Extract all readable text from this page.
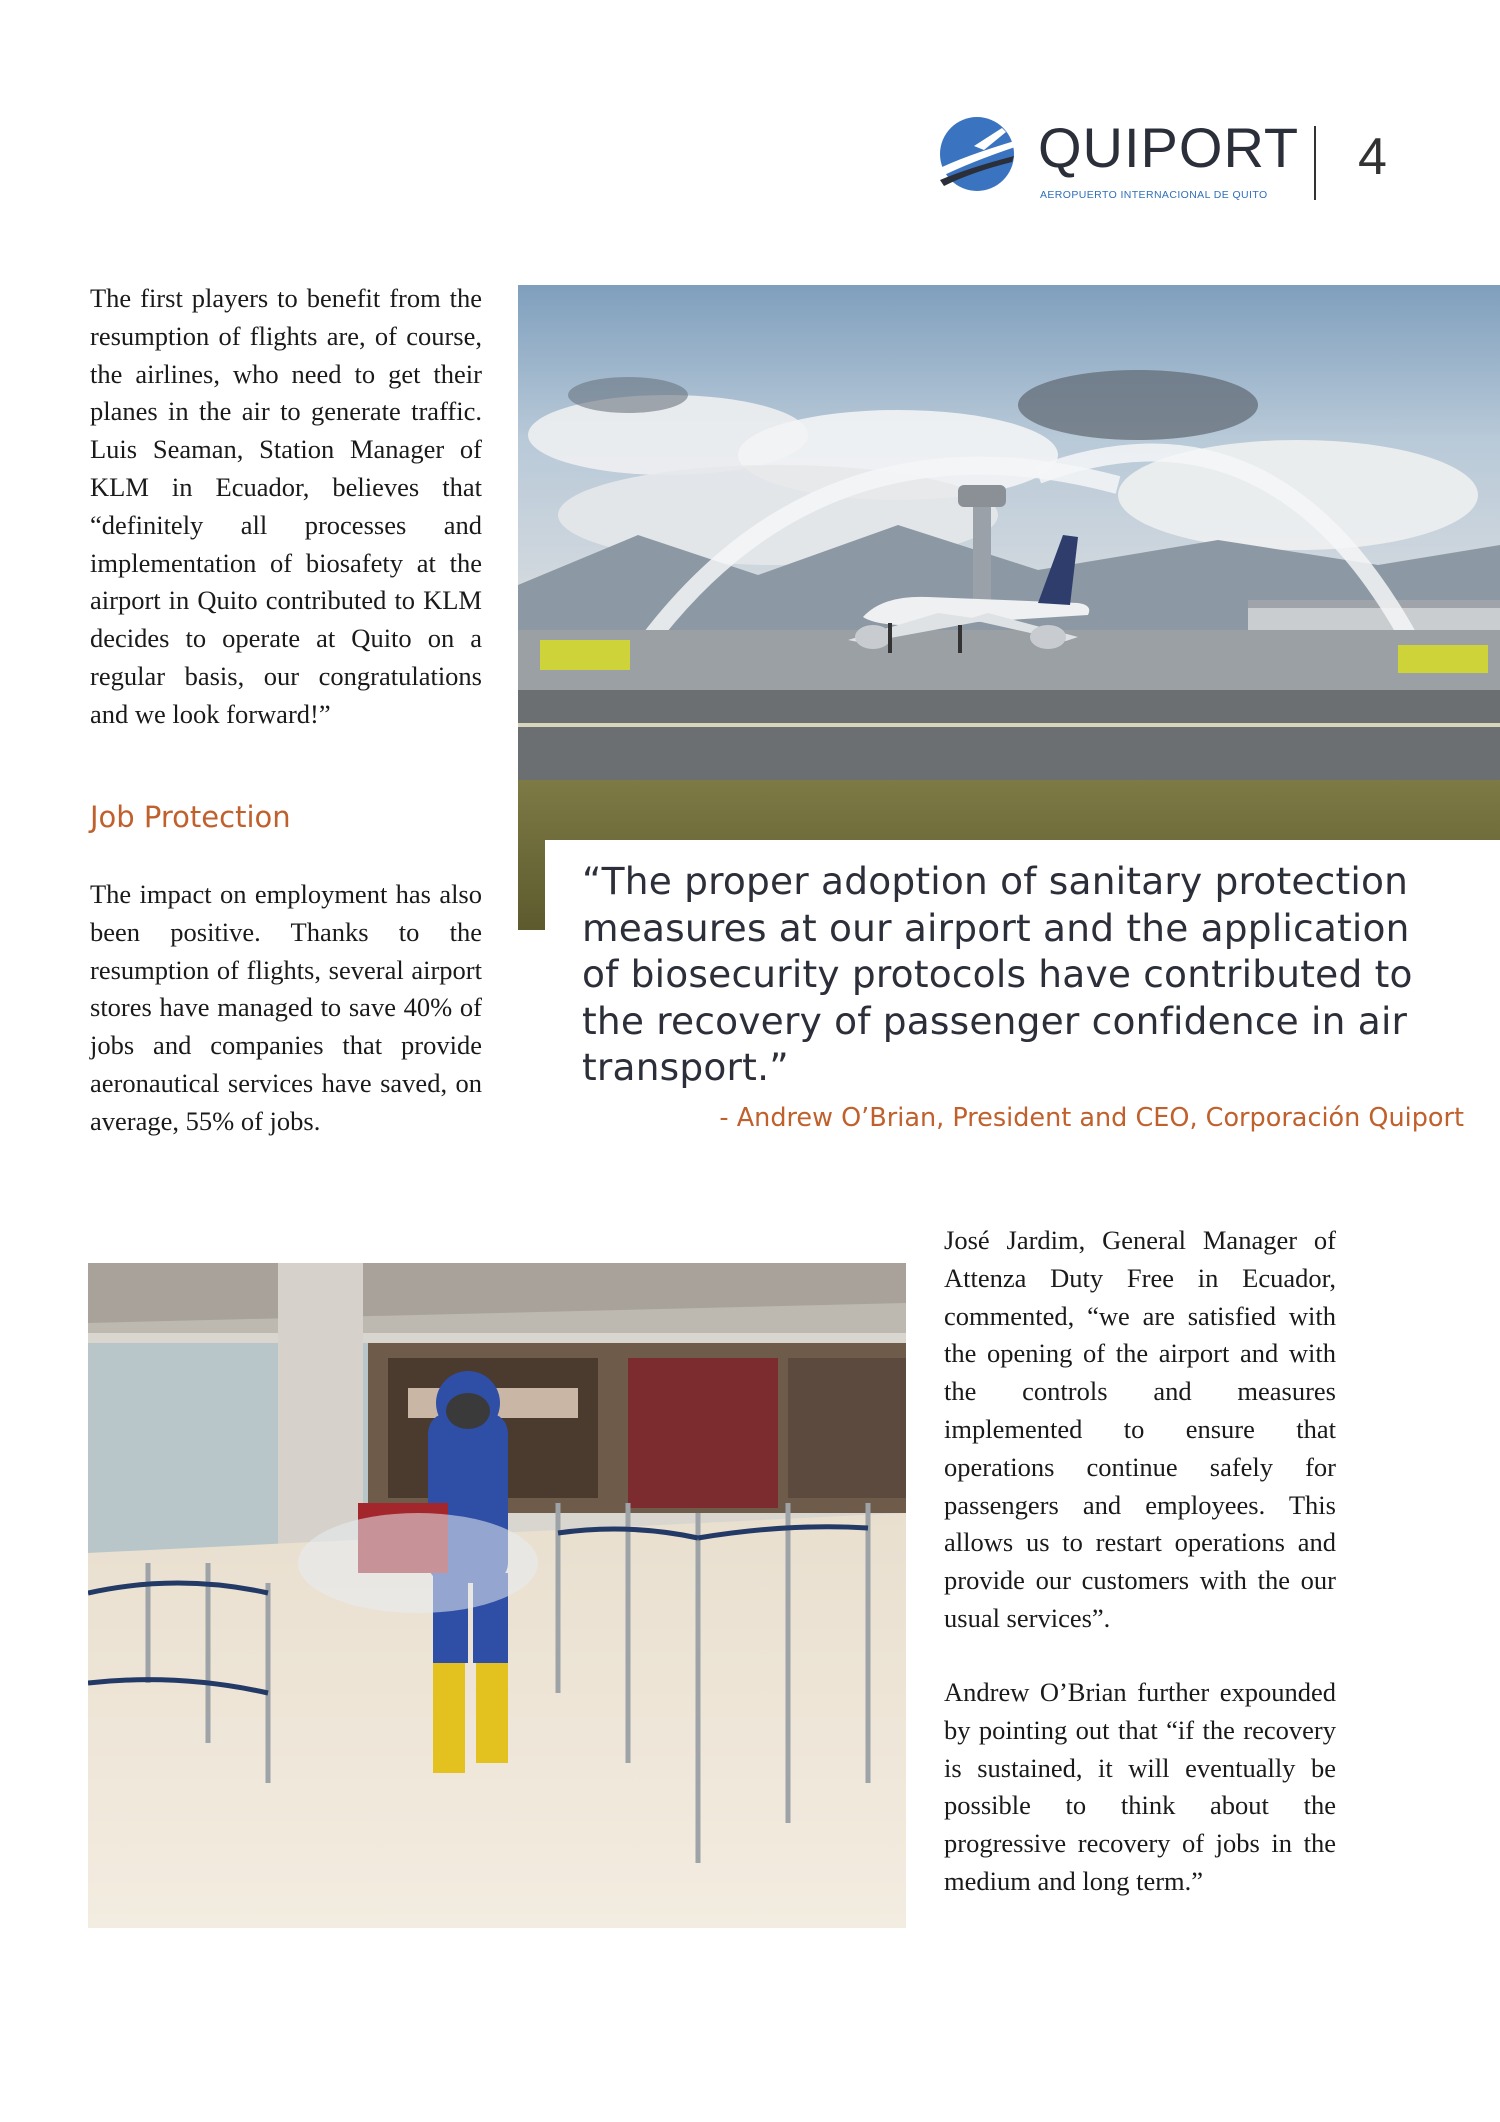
QUIPORT
AEROPUERTO INTERNACIONAL DE QUITO
4

The first players to benefit from the resumption of flights are, of course, the airlines, who need to get their planes in the air to generate traffic. Luis Seaman, Station Manager of KLM in Ecuador, believes that “definitely all processes and implementation of biosafety at the airport in Quito contributed to KLM decides to operate at Quito on a regular basis, our congratulations and we look forward!”

Job Protection

The impact on employment has also been positive. Thanks to the resumption of flights, several airport stores have managed to save 40% of jobs and companies that provide aeronautical services have saved, on average, 55% of jobs.

“The proper adoption of sanitary protection measures at our airport and the application of biosecurity protocols have contributed to the recovery of passenger confidence in air transport.”

- Andrew O’Brian, President and CEO, Corporación Quiport

José Jardim, General Manager of Attenza Duty Free in Ecuador, commented, “we are satisfied with the opening of the airport and with the controls and measures implemented to ensure that operations continue safely for passengers and employees. This allows us to restart operations and provide our customers with the our usual services”.

Andrew O’Brian further expounded by pointing out that “if the recovery is sustained, it will eventually be possible to think about the progressive recovery of jobs in the medium and long term.”
